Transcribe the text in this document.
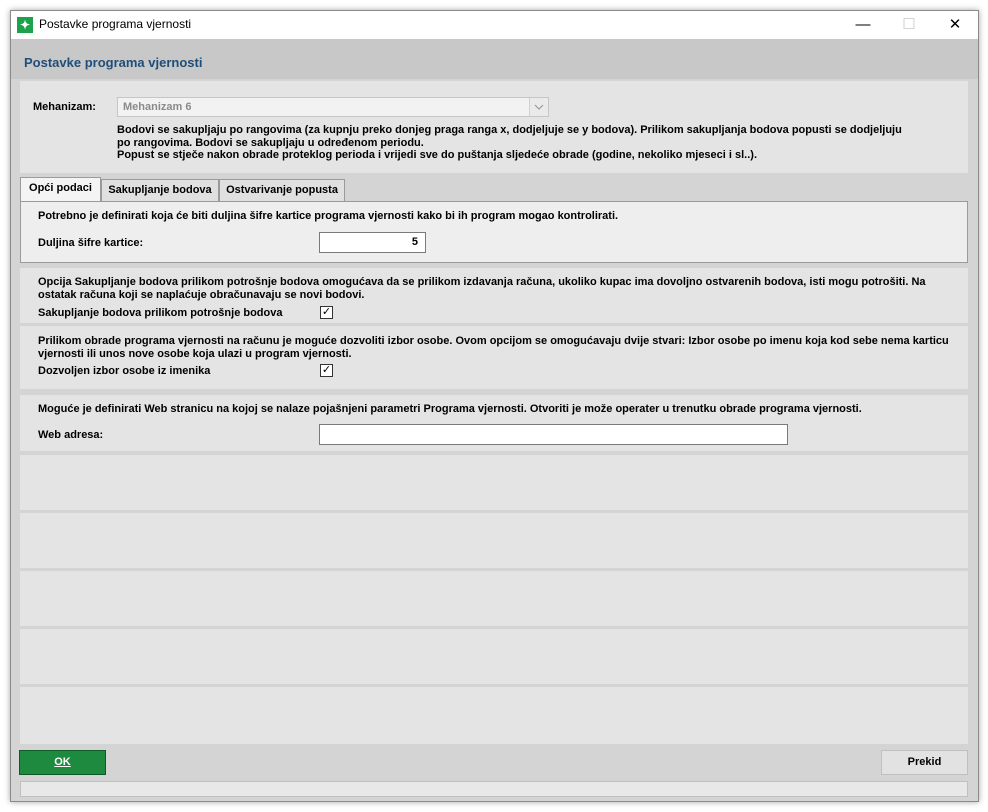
✦ Postavke programa vjernosti	—	☐	✕
Postavke programa vjernosti
Mehanizam: Mehanizam 6
Bodovi se sakupljaju po rangovima (za kupnju preko donjeg praga ranga x, dodjeljuje se y bodova). Prilikom sakupljanja bodova popusti se dodjeljuju
po rangovima. Bodovi se sakupljaju u određenom periodu.
Popust se stječe nakon obrade proteklog perioda i vrijedi sve do puštanja sljedeće obrade (godine, nekoliko mjeseci i sl..).
Opći podaci	Sakupljanje bodova	Ostvarivanje popusta
Potrebno je definirati koja će biti duljina šifre kartice programa vjernosti kako bi ih program mogao kontrolirati.
Duljina šifre kartice:	5
Opcija Sakupljanje bodova prilikom potrošnje bodova omogućava da se prilikom izdavanja računa, ukoliko kupac ima dovoljno ostvarenih bodova, isti mogu potrošiti. Na
ostatak računa koji se naplaćuje obračunavaju se novi bodovi.
Sakupljanje bodova prilikom potrošnje bodova	✓
Prilikom obrade programa vjernosti na računu je moguće dozvoliti izbor osobe. Ovom opcijom se omogućavaju dvije stvari: Izbor osobe po imenu koja kod sebe nema karticu
vjernosti ili unos nove osobe koja ulazi u program vjernosti.
Dozvoljen izbor osobe iz imenika	✓
Moguće je definirati Web stranicu na kojoj se nalaze pojašnjeni parametri Programa vjernosti. Otvoriti je može operater u trenutku obrade programa vjernosti.
Web adresa:
OK	Prekid
